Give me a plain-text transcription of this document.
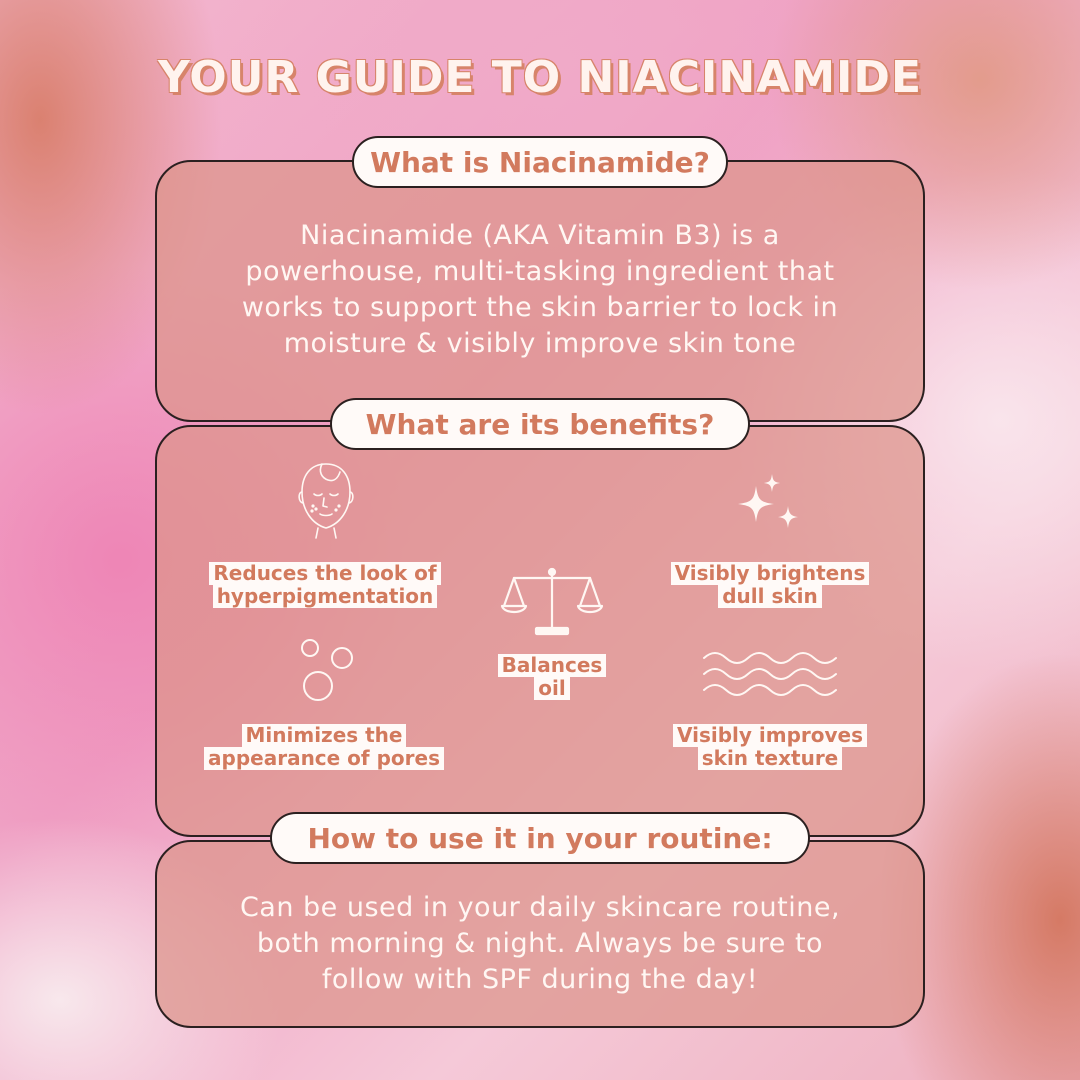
YOUR GUIDE TO NIACINAMIDE
What is Niacinamide?
Niacinamide (AKA Vitamin B3) is a
powerhouse, multi-tasking ingredient that
works to support the skin barrier to lock in
moisture & visibly improve skin tone
What are its benefits?
Reduces the look of
hyperpigmentation
Visibly brightens
dull skin
Balances
oil
Minimizes the
appearance of pores
Visibly improves
skin texture
How to use it in your routine:
Can be used in your daily skincare routine,
both morning & night. Always be sure to
follow with SPF during the day!
